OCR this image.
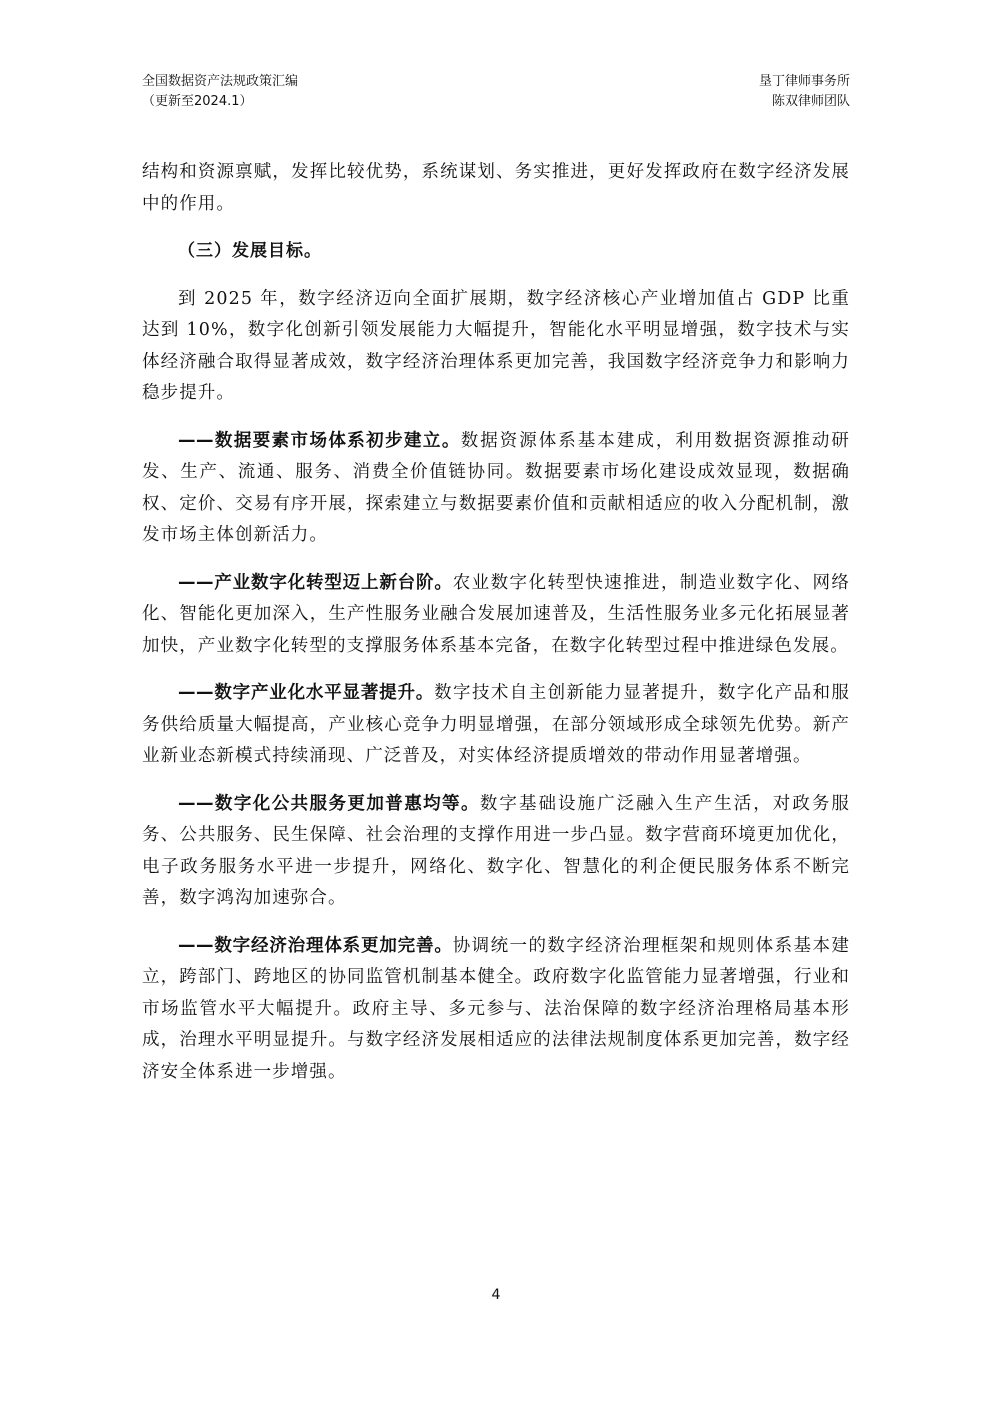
全国数据资产法规政策汇编
（更新至2024.1）
垦丁律师事务所
陈双律师团队

结构和资源禀赋，发挥比较优势，系统谋划、务实推进，更好发挥政府在数字经济发展中的作用。

（三）发展目标。

到 2025 年，数字经济迈向全面扩展期，数字经济核心产业增加值占 GDP 比重达到 10%，数字化创新引领发展能力大幅提升，智能化水平明显增强，数字技术与实体经济融合取得显著成效，数字经济治理体系更加完善，我国数字经济竞争力和影响力稳步提升。

——数据要素市场体系初步建立。数据资源体系基本建成，利用数据资源推动研发、生产、流通、服务、消费全价值链协同。数据要素市场化建设成效显现，数据确权、定价、交易有序开展，探索建立与数据要素价值和贡献相适应的收入分配机制，激发市场主体创新活力。

——产业数字化转型迈上新台阶。农业数字化转型快速推进，制造业数字化、网络化、智能化更加深入，生产性服务业融合发展加速普及，生活性服务业多元化拓展显著加快，产业数字化转型的支撑服务体系基本完备，在数字化转型过程中推进绿色发展。

——数字产业化水平显著提升。数字技术自主创新能力显著提升，数字化产品和服务供给质量大幅提高，产业核心竞争力明显增强，在部分领域形成全球领先优势。新产业新业态新模式持续涌现、广泛普及，对实体经济提质增效的带动作用显著增强。

——数字化公共服务更加普惠均等。数字基础设施广泛融入生产生活，对政务服务、公共服务、民生保障、社会治理的支撑作用进一步凸显。数字营商环境更加优化，电子政务服务水平进一步提升，网络化、数字化、智慧化的利企便民服务体系不断完善，数字鸿沟加速弥合。

——数字经济治理体系更加完善。协调统一的数字经济治理框架和规则体系基本建立，跨部门、跨地区的协同监管机制基本健全。政府数字化监管能力显著增强，行业和市场监管水平大幅提升。政府主导、多元参与、法治保障的数字经济治理格局基本形成，治理水平明显提升。与数字经济发展相适应的法律法规制度体系更加完善，数字经济安全体系进一步增强。

4
